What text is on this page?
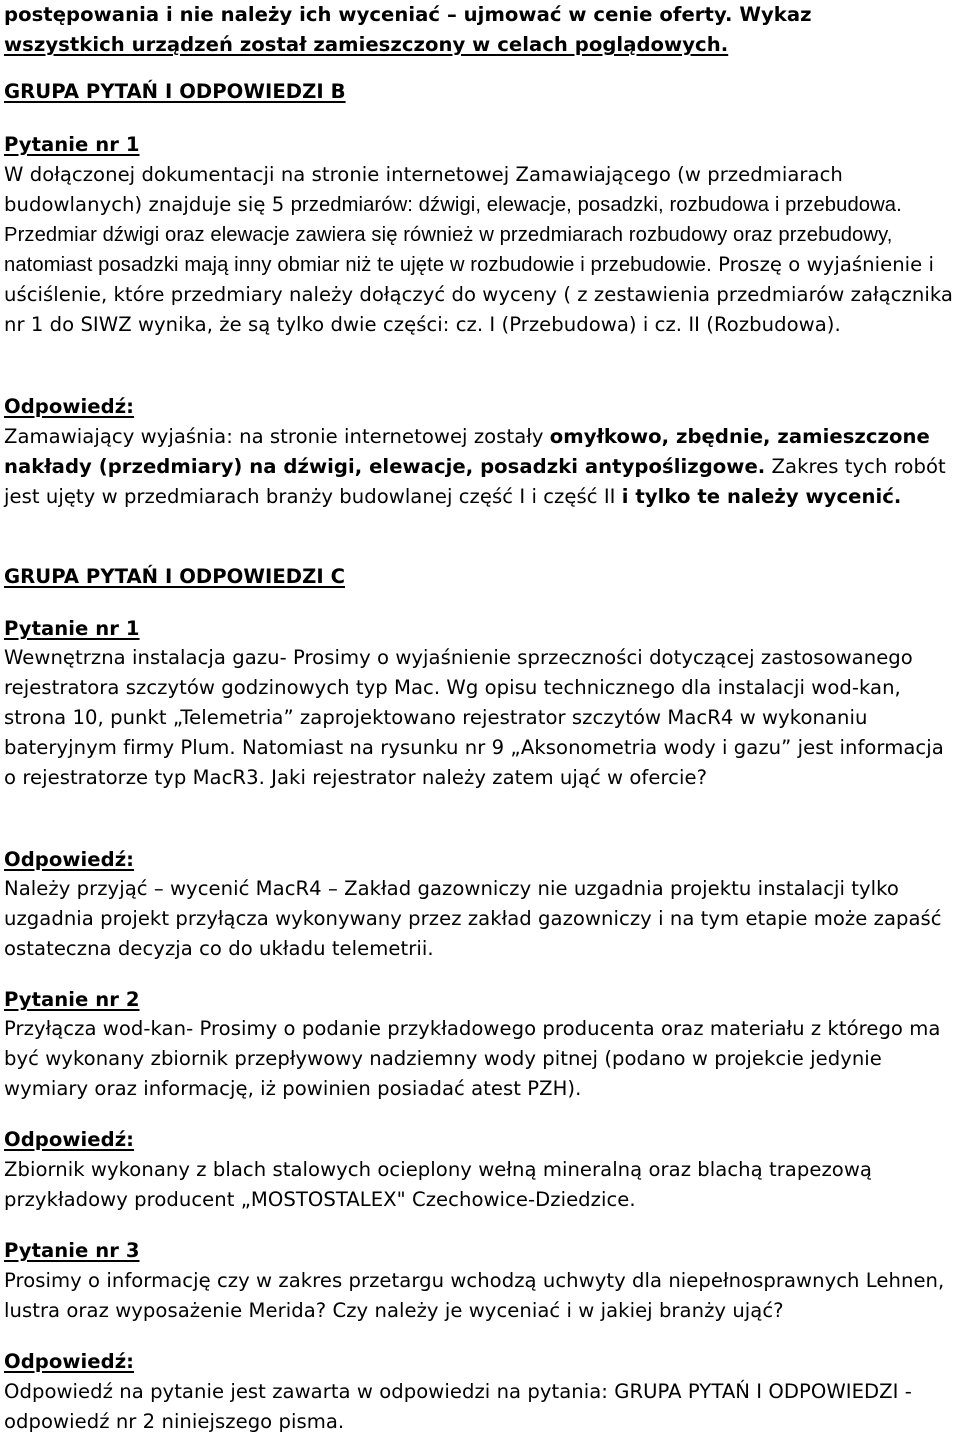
postępowania i nie należy ich wyceniać – ujmować w cenie oferty. Wykaz
wszystkich urządzeń został zamieszczony w celach poglądowych.

GRUPA PYTAŃ I ODPOWIEDZI B

Pytanie nr 1

W dołączonej dokumentacji na stronie internetowej Zamawiającego (w przedmiarach budowlanych) znajduje się 5 przedmiarów: dźwigi, elewacje, posadzki, rozbudowa i przebudowa. Przedmiar dźwigi oraz elewacje zawiera się również w przedmiarach rozbudowy oraz przebudowy, natomiast posadzki mają inny obmiar niż te ujęte w rozbudowie i przebudowie. Proszę o wyjaśnienie i uściślenie, które przedmiary należy dołączyć do wyceny ( z zestawienia przedmiarów załącznika nr 1 do SIWZ wynika, że są tylko dwie części: cz. I (Przebudowa) i cz. II (Rozbudowa).

Odpowiedź:

Zamawiający wyjaśnia: na stronie internetowej zostały omyłkowo, zbędnie, zamieszczone nakłady (przedmiary) na dźwigi, elewacje, posadzki antypoślizgowe. Zakres tych robót jest ujęty w przedmiarach branży budowlanej część I i część II i tylko te należy wycenić.

GRUPA PYTAŃ I ODPOWIEDZI C

Pytanie nr 1

Wewnętrzna instalacja gazu- Prosimy o wyjaśnienie sprzeczności dotyczącej zastosowanego rejestratora szczytów godzinowych typ Mac. Wg opisu technicznego dla instalacji wod-kan, strona 10, punkt „Telemetria” zaprojektowano rejestrator szczytów MacR4 w wykonaniu bateryjnym firmy Plum. Natomiast na rysunku nr 9 „Aksonometria wody i gazu” jest informacja o rejestratorze typ MacR3. Jaki rejestrator należy zatem ująć w ofercie?

Odpowiedź:

Należy przyjąć – wycenić MacR4 – Zakład gazowniczy nie uzgadnia projektu instalacji tylko uzgadnia projekt przyłącza wykonywany przez zakład gazowniczy i na tym etapie może zapaść ostateczna decyzja co do układu telemetrii.

Pytanie nr 2

Przyłącza wod-kan- Prosimy o podanie przykładowego producenta oraz materiału z którego ma być wykonany zbiornik przepływowy nadziemny wody pitnej (podano w projekcie jedynie wymiary oraz informację, iż powinien posiadać atest PZH).

Odpowiedź:

Zbiornik wykonany z blach stalowych ocieplony wełną mineralną oraz blachą trapezową przykładowy producent „MOSTOSTALEX" Czechowice-Dziedzice.

Pytanie nr 3

Prosimy o informację czy w zakres przetargu wchodzą uchwyty dla niepełnosprawnych Lehnen, lustra oraz wyposażenie Merida? Czy należy je wyceniać i w jakiej branży ująć?

Odpowiedź:

Odpowiedź na pytanie jest zawarta w odpowiedzi na pytania: GRUPA PYTAŃ I ODPOWIEDZI - odpowiedź nr 2 niniejszego pisma.
